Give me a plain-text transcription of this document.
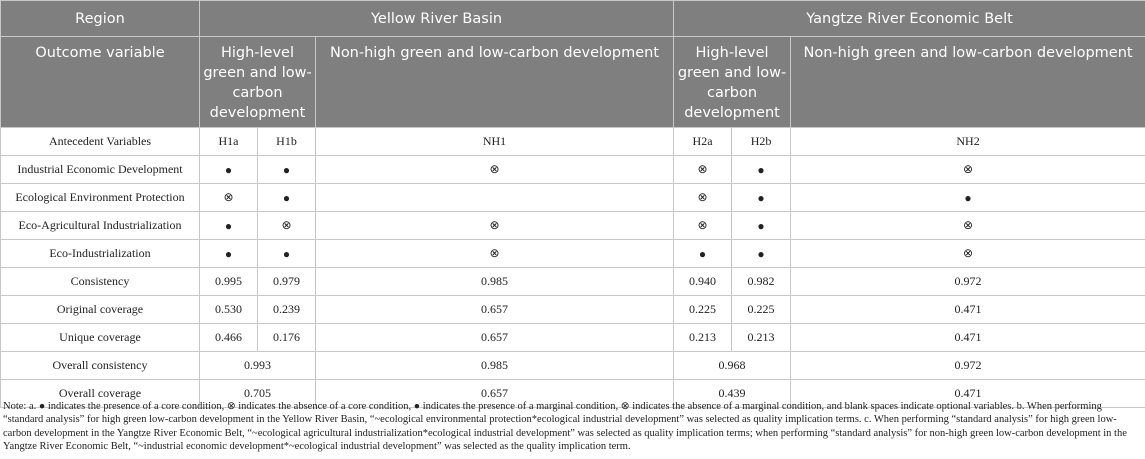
Region	Yellow River Basin			Yangtze River Economic Belt		
Outcome variable	High-level green and low-carbon development		Non-high green and low-carbon development	High-level green and low-carbon development		Non-high green and low-carbon development
Antecedent Variables	H1a	H1b	NH1	H2a	H2b	NH2
Industrial Economic Development	●	●	⊗	⊗	●	⊗
Ecological Environment Protection	⊗	●		⊗	●	●
Eco-Agricultural Industrialization	●	⊗	⊗	⊗	●	⊗
Eco-Industrialization	●	●	⊗	●	●	⊗
Consistency	0.995	0.979	0.985	0.940	0.982	0.972
Original coverage	0.530	0.239	0.657	0.225	0.225	0.471
Unique coverage	0.466	0.176	0.657	0.213	0.213	0.471
Overall consistency	0.993		0.985	0.968		0.972
Overall coverage	0.705		0.657	0.439		0.471
Note: a. ● indicates the presence of a core condition, ⊗ indicates the absence of a core condition, ● indicates the presence of a marginal condition, ⊗ indicates the absence of a marginal condition, and blank spaces indicate optional variables. b. When performing “standard analysis” for high green low-carbon development in the Yellow River Basin, “~ecological environmental protection*ecological industrial development” was selected as quality implication terms. c. When performing “standard analysis” for high green low-carbon development in the Yangtze River Economic Belt, “~ecological agricultural industrialization*ecological industrial development” was selected as quality implication terms; when performing “standard analysis” for non-high green low-carbon development in the Yangtze River Economic Belt, “~industrial economic development*~ecological industrial development” was selected as the quality implication term.
